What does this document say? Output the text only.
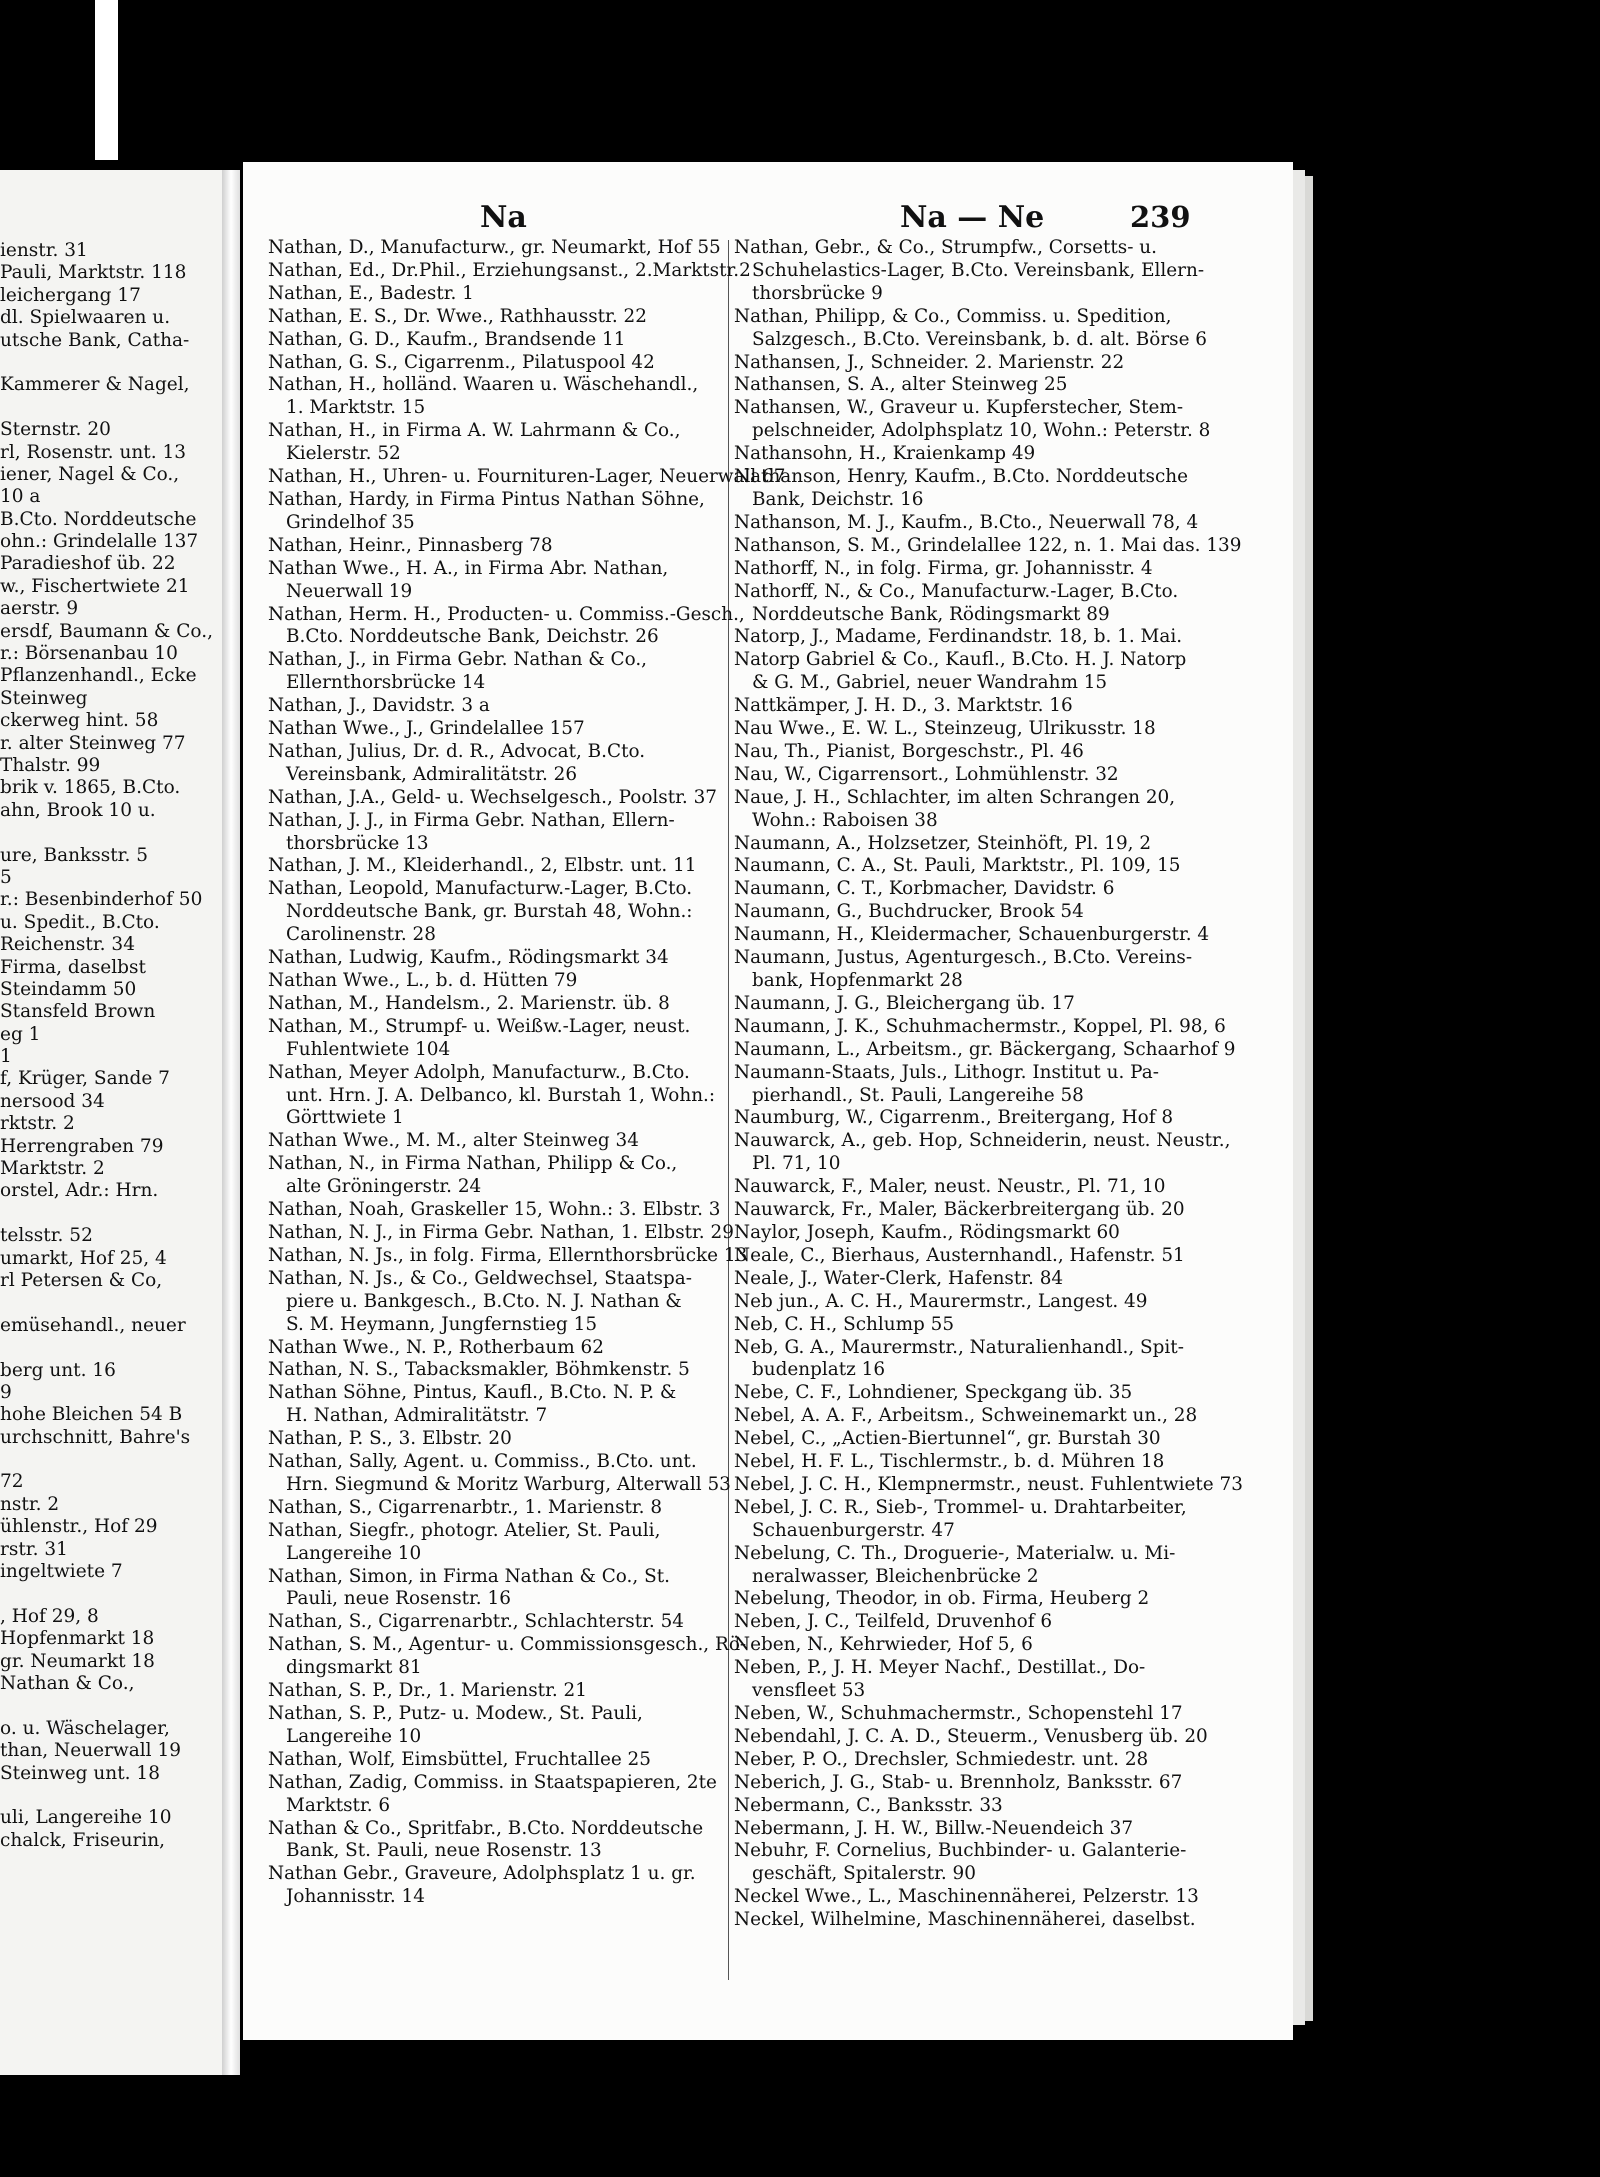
ienstr. 31
Pauli, Marktstr. 118
leichergang 17
dl. Spielwaaren u.
utsche Bank, Catha-
Kammerer & Nagel,
Sternstr. 20
rl, Rosenstr. unt. 13
iener, Nagel & Co.,
10 a
B.Cto. Norddeutsche
ohn.: Grindelalle 137
Paradieshof üb. 22
w., Fischertwiete 21
aerstr. 9
ersdf, Baumann & Co.,
r.: Börsenanbau 10
Pflanzenhandl., Ecke
Steinweg
ckerweg hint. 58
r. alter Steinweg 77
Thalstr. 99
brik v. 1865, B.Cto.
ahn, Brook 10 u.
ure, Banksstr. 5
5
r.: Besenbinderhof 50
u. Spedit., B.Cto.
Reichenstr. 34
Firma, daselbst
Steindamm 50
Stansfeld Brown
eg 1
1
f, Krüger, Sande 7
nersood 34
rktstr. 2
Herrengraben 79
Marktstr. 2
orstel, Adr.: Hrn.
telsstr. 52
umarkt, Hof 25, 4
rl Petersen & Co,
emüsehandl., neuer
berg unt. 16
9
hohe Bleichen 54 B
urchschnitt, Bahre's
72
nstr. 2
ühlenstr., Hof 29
rstr. 31
ingeltwiete 7
, Hof 29, 8
Hopfenmarkt 18
gr. Neumarkt 18
Nathan & Co.,
o. u. Wäschelager,
than, Neuerwall 19
Steinweg unt. 18
uli, Langereihe 10
chalck, Friseurin,
Na	Na — Ne	239
Nathan, D., Manufacturw., gr. Neumarkt, Hof 55
Nathan, Ed., Dr.Phil., Erziehungsanst., 2.Marktstr.2
Nathan, E., Badestr. 1
Nathan, E. S., Dr. Wwe., Rathhausstr. 22
Nathan, G. D., Kaufm., Brandsende 11
Nathan, G. S., Cigarrenm., Pilatuspool 42
Nathan, H., holländ. Waaren u. Wäschehandl.,
1. Marktstr. 15
Nathan, H., in Firma A. W. Lahrmann & Co.,
Kielerstr. 52
Nathan, H., Uhren- u. Fournituren-Lager, Neuerwall 67
Nathan, Hardy, in Firma Pintus Nathan Söhne,
Grindelhof 35
Nathan, Heinr., Pinnasberg 78
Nathan Wwe., H. A., in Firma Abr. Nathan,
Neuerwall 19
Nathan, Herm. H., Producten- u. Commiss.-Gesch.,
B.Cto. Norddeutsche Bank, Deichstr. 26
Nathan, J., in Firma Gebr. Nathan & Co.,
Ellernthorsbrücke 14
Nathan, J., Davidstr. 3 a
Nathan Wwe., J., Grindelallee 157
Nathan, Julius, Dr. d. R., Advocat, B.Cto.
Vereinsbank, Admiralitätstr. 26
Nathan, J.A., Geld- u. Wechselgesch., Poolstr. 37
Nathan, J. J., in Firma Gebr. Nathan, Ellern-
thorsbrücke 13
Nathan, J. M., Kleiderhandl., 2, Elbstr. unt. 11
Nathan, Leopold, Manufacturw.-Lager, B.Cto.
Norddeutsche Bank, gr. Burstah 48, Wohn.:
Carolinenstr. 28
Nathan, Ludwig, Kaufm., Rödingsmarkt 34
Nathan Wwe., L., b. d. Hütten 79
Nathan, M., Handelsm., 2. Marienstr. üb. 8
Nathan, M., Strumpf- u. Weißw.-Lager, neust.
Fuhlentwiete 104
Nathan, Meyer Adolph, Manufacturw., B.Cto.
unt. Hrn. J. A. Delbanco, kl. Burstah 1, Wohn.:
Görttwiete 1
Nathan Wwe., M. M., alter Steinweg 34
Nathan, N., in Firma Nathan, Philipp & Co.,
alte Gröningerstr. 24
Nathan, Noah, Graskeller 15, Wohn.: 3. Elbstr. 3
Nathan, N. J., in Firma Gebr. Nathan, 1. Elbstr. 29
Nathan, N. Js., in folg. Firma, Ellernthorsbrücke 13
Nathan, N. Js., & Co., Geldwechsel, Staatspa-
piere u. Bankgesch., B.Cto. N. J. Nathan &
S. M. Heymann, Jungfernstieg 15
Nathan Wwe., N. P., Rotherbaum 62
Nathan, N. S., Tabacksmakler, Böhmkenstr. 5
Nathan Söhne, Pintus, Kaufl., B.Cto. N. P. &
H. Nathan, Admiralitätstr. 7
Nathan, P. S., 3. Elbstr. 20
Nathan, Sally, Agent. u. Commiss., B.Cto. unt.
Hrn. Siegmund & Moritz Warburg, Alterwall 53
Nathan, S., Cigarrenarbtr., 1. Marienstr. 8
Nathan, Siegfr., photogr. Atelier, St. Pauli,
Langereihe 10
Nathan, Simon, in Firma Nathan & Co., St.
Pauli, neue Rosenstr. 16
Nathan, S., Cigarrenarbtr., Schlachterstr. 54
Nathan, S. M., Agentur- u. Commissionsgesch., Rö-
dingsmarkt 81
Nathan, S. P., Dr., 1. Marienstr. 21
Nathan, S. P., Putz- u. Modew., St. Pauli,
Langereihe 10
Nathan, Wolf, Eimsbüttel, Fruchtallee 25
Nathan, Zadig, Commiss. in Staatspapieren, 2te
Marktstr. 6
Nathan & Co., Spritfabr., B.Cto. Norddeutsche
Bank, St. Pauli, neue Rosenstr. 13
Nathan Gebr., Graveure, Adolphsplatz 1 u. gr.
Johannisstr. 14
Nathan, Gebr., & Co., Strumpfw., Corsetts- u.
Schuhelastics-Lager, B.Cto. Vereinsbank, Ellern-
thorsbrücke 9
Nathan, Philipp, & Co., Commiss. u. Spedition,
Salzgesch., B.Cto. Vereinsbank, b. d. alt. Börse 6
Nathansen, J., Schneider. 2. Marienstr. 22
Nathansen, S. A., alter Steinweg 25
Nathansen, W., Graveur u. Kupferstecher, Stem-
pelschneider, Adolphsplatz 10, Wohn.: Peterstr. 8
Nathansohn, H., Kraienkamp 49
Nathanson, Henry, Kaufm., B.Cto. Norddeutsche
Bank, Deichstr. 16
Nathanson, M. J., Kaufm., B.Cto., Neuerwall 78, 4
Nathanson, S. M., Grindelallee 122, n. 1. Mai das. 139
Nathorff, N., in folg. Firma, gr. Johannisstr. 4
Nathorff, N., & Co., Manufacturw.-Lager, B.Cto.
Norddeutsche Bank, Rödingsmarkt 89
Natorp, J., Madame, Ferdinandstr. 18, b. 1. Mai.
Natorp Gabriel & Co., Kaufl., B.Cto. H. J. Natorp
& G. M., Gabriel, neuer Wandrahm 15
Nattkämper, J. H. D., 3. Marktstr. 16
Nau Wwe., E. W. L., Steinzeug, Ulrikusstr. 18
Nau, Th., Pianist, Borgeschstr., Pl. 46
Nau, W., Cigarrensort., Lohmühlenstr. 32
Naue, J. H., Schlachter, im alten Schrangen 20,
Wohn.: Raboisen 38
Naumann, A., Holzsetzer, Steinhöft, Pl. 19, 2
Naumann, C. A., St. Pauli, Marktstr., Pl. 109, 15
Naumann, C. T., Korbmacher, Davidstr. 6
Naumann, G., Buchdrucker, Brook 54
Naumann, H., Kleidermacher, Schauenburgerstr. 4
Naumann, Justus, Agenturgesch., B.Cto. Vereins-
bank, Hopfenmarkt 28
Naumann, J. G., Bleichergang üb. 17
Naumann, J. K., Schuhmachermstr., Koppel, Pl. 98, 6
Naumann, L., Arbeitsm., gr. Bäckergang, Schaarhof 9
Naumann-Staats, Juls., Lithogr. Institut u. Pa-
pierhandl., St. Pauli, Langereihe 58
Naumburg, W., Cigarrenm., Breitergang, Hof 8
Nauwarck, A., geb. Hop, Schneiderin, neust. Neustr.,
Pl. 71, 10
Nauwarck, F., Maler, neust. Neustr., Pl. 71, 10
Nauwarck, Fr., Maler, Bäckerbreitergang üb. 20
Naylor, Joseph, Kaufm., Rödingsmarkt 60
Neale, C., Bierhaus, Austernhandl., Hafenstr. 51
Neale, J., Water-Clerk, Hafenstr. 84
Neb jun., A. C. H., Maurermstr., Langest. 49
Neb, C. H., Schlump 55
Neb, G. A., Maurermstr., Naturalienhandl., Spit-
budenplatz 16
Nebe, C. F., Lohndiener, Speckgang üb. 35
Nebel, A. A. F., Arbeitsm., Schweinemarkt un., 28
Nebel, C., „Actien-Biertunnel“, gr. Burstah 30
Nebel, H. F. L., Tischlermstr., b. d. Mühren 18
Nebel, J. C. H., Klempnermstr., neust. Fuhlentwiete 73
Nebel, J. C. R., Sieb-, Trommel- u. Drahtarbeiter,
Schauenburgerstr. 47
Nebelung, C. Th., Droguerie-, Materialw. u. Mi-
neralwasser, Bleichenbrücke 2
Nebelung, Theodor, in ob. Firma, Heuberg 2
Neben, J. C., Teilfeld, Druvenhof 6
Neben, N., Kehrwieder, Hof 5, 6
Neben, P., J. H. Meyer Nachf., Destillat., Do-
vensfleet 53
Neben, W., Schuhmachermstr., Schopenstehl 17
Nebendahl, J. C. A. D., Steuerm., Venusberg üb. 20
Neber, P. O., Drechsler, Schmiedestr. unt. 28
Neberich, J. G., Stab- u. Brennholz, Banksstr. 67
Nebermann, C., Banksstr. 33
Nebermann, J. H. W., Billw.-Neuendeich 37
Nebuhr, F. Cornelius, Buchbinder- u. Galanterie-
geschäft, Spitalerstr. 90
Neckel Wwe., L., Maschinennäherei, Pelzerstr. 13
Neckel, Wilhelmine, Maschinennäherei, daselbst.
